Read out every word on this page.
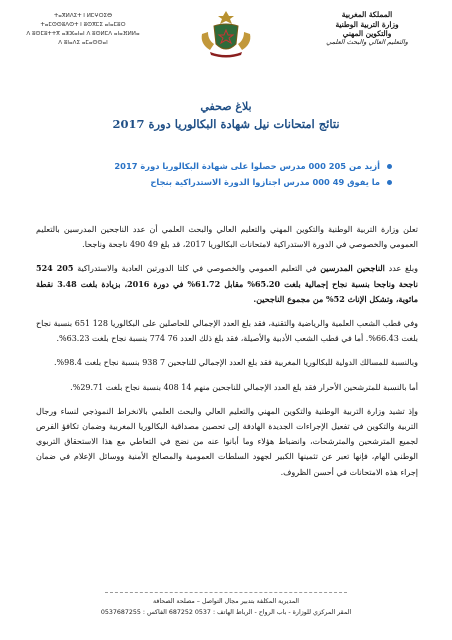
ⵜⴰⴳⵍⴷⵉⵜ ⵏ ⵍⵎⵖⵔⵉⴱ
ⵜⴰⵎⵙⵙⵓⴷⵙⵜ ⵏ ⵓⵙⴳⵎⵉ ⴰⵏⴰⵎⵓⵔ
ⴷ ⵓⵙⵎⵓⵜⵜⴳ ⴰⵣⵣⴰⵏⴰⵏ ⴷ ⵓⵙⵍⵎⴷ ⴰⵏⴰⴼⵍⵍⴰ
ⴷ ⵓⵏⴰⴷⵉ ⴰⵎⴰⵙⵙⴰⵏ
المملكة المغربية
وزارة التربية الوطنية
والتكوين المهني
والتعليم العالي والبحث العلمي
بلاغ صحفي
نتائج امتحانات نيل شهادة البكالوريا دورة 2017
أزيد من 205 000 مدرس حصلوا على شهادة البكالوريا دورة 2017
ما يفوق 49 000 مدرس اجتازوا الدورة الاستدراكية بنجاح

تعلن وزارة التربية الوطنية والتكوين المهني والتعليم العالي والبحث العلمي أن عدد الناجحين المدرسين بالتعليم العمومي والخصوصي في الدورة الاستدراكية لامتحانات البكالوريا 2017، قد بلغ 49 490 ناجحة وناجحا.

وبلغ عدد الناجحين المدرسين في التعليم العمومي والخصوصي في كلتا الدورتين العادية والاستدراكية 205 524 ناجحة وناجحا بنسبة نجاح إجمالية بلغت 65.20% مقابل 61.72% في دورة 2016، بزيادة بلغت 3.48 نقطة مائوية، وتشكل الإناث 52% من مجموع الناجحين.

وفي قطب الشعب العلمية والرياضية والتقنية، فقد بلغ العدد الإجمالي للحاصلين على البكالوريا 128 651 بنسبة نجاح بلغت 66.43%. أما في قطب الشعب الأدبية والأصيلة، فقد بلغ ذلك العدد 76 774 بنسبة نجاح بلغت 63.23%.

وبالنسبة للمسالك الدولية للبكالوريا المغربية فقد بلغ العدد الإجمالي للناجحين 7 938 بنسبة نجاح بلغت 98.4%.

أما بالنسبة للمترشحين الأحرار فقد بلغ العدد الإجمالي للناجحين منهم 14 408 بنسبة نجاح بلغت 29.71%.

وإذ تشيد وزارة التربية الوطنية والتكوين المهني والتعليم العالي والبحث العلمي بالانخراط النموذجي لنساء ورجال التربية والتكوين في تفعيل الإجراءات الجديدة الهادفة إلى تحصين مصداقية البكالوريا المغربية وضمان تكافؤ الفرص لجميع المترشحين والمترشحات، وانضباط هؤلاء وما أبانوا عنه من نضج في التعاطي مع هذا الاستحقاق التربوي الوطني الهام، فإنها تعبر عن تثمينها الكبير لجهود السلطات العمومية والمصالح الأمنية ووسائل الإعلام في ضمان إجراء هذه الامتحانات في أحسن الظروف.

المديرية المكلفة بتدبير مجال التواصل – مصلحة الصحافة
المقر المركزي للوزارة - باب الرواح - الرباط الهاتف : 0537 687252 الفاكس : 0537687255
